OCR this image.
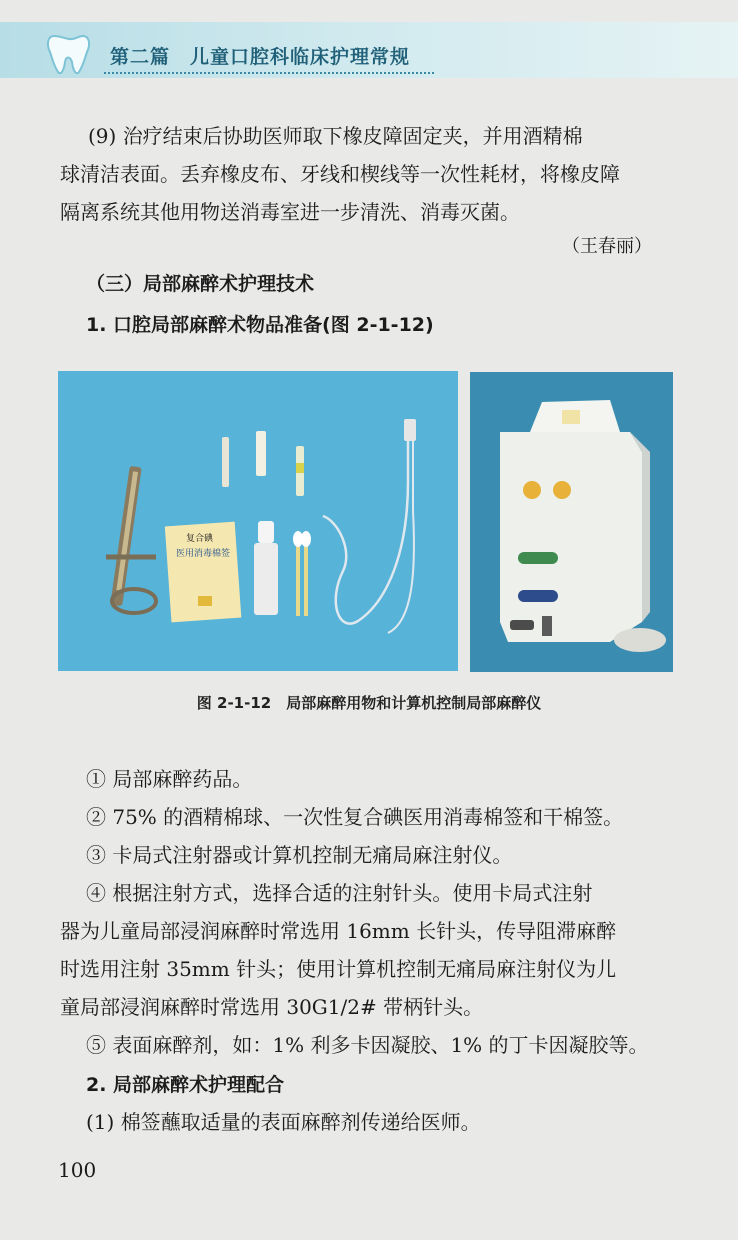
第二篇　儿童口腔科临床护理常规
(9) 治疗结束后协助医师取下橡皮障固定夹，并用酒精棉
球清洁表面。丢弃橡皮布、牙线和楔线等一次性耗材，将橡皮障
隔离系统其他用物送消毒室进一步清洗、消毒灭菌。
（王春丽）
（三）局部麻醉术护理技术
1. 口腔局部麻醉术物品准备(图 2-1-12)
复合碘
医用消毒棉签
图 2-1-12　局部麻醉用物和计算机控制局部麻醉仪
① 局部麻醉药品。
② 75% 的酒精棉球、一次性复合碘医用消毒棉签和干棉签。
③ 卡局式注射器或计算机控制无痛局麻注射仪。
④ 根据注射方式，选择合适的注射针头。使用卡局式注射
器为儿童局部浸润麻醉时常选用 16mm 长针头，传导阻滞麻醉
时选用注射 35mm 针头；使用计算机控制无痛局麻注射仪为儿
童局部浸润麻醉时常选用 30G1/2# 带柄针头。
⑤ 表面麻醉剂，如：1% 利多卡因凝胶、1% 的丁卡因凝胶等。
2. 局部麻醉术护理配合
(1) 棉签蘸取适量的表面麻醉剂传递给医师。
100
